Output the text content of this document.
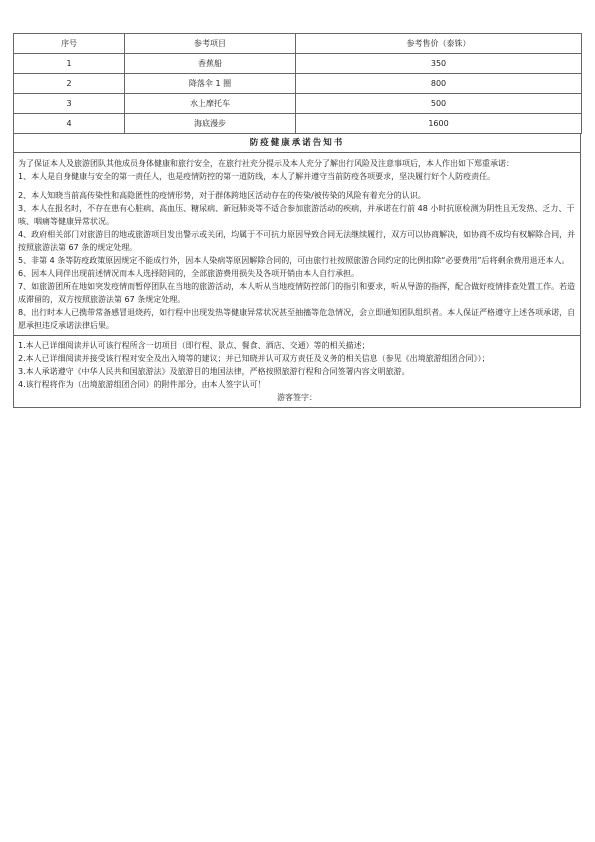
序号	参考项目	参考售价（泰铢）
1	香蕉船	350
2	降落伞 1 圈	800
3	水上摩托车	500
4	海底漫步	1600
防疫健康承诺告知书

为了保证本人及旅游团队其他成员身体健康和旅行安全，在旅行社充分提示及本人充分了解出行风险及注意事项后，本人作出如下郑重承诺：

1、本人是自身健康与安全的第一责任人，也是疫情防控的第一道防线，本人了解并遵守当前防疫各项要求，坚决履行好个人防疫责任。

2、本人知晓当前高传染性和高隐匿性的疫情形势，对于群体跨地区活动存在的传染/被传染的风险有着充分的认识。

3、本人在报名时，不存在患有心脏病、高血压、糖尿病、新冠肺炎等不适合参加旅游活动的疾病，并承诺在行前 48 小时抗原检测为阴性且无发热、乏力、干咳、咽痛等健康异常状况。

4、政府相关部门对旅游目的地或旅游项目发出警示或关闭，均属于不可抗力原因导致合同无法继续履行，双方可以协商解决，如协商不成均有权解除合同，并按照旅游法第 67 条的规定处理。

5、非第 4 条等防疫政策原因规定不能成行外，因本人染病等原因解除合同的，可由旅行社按照旅游合同约定的比例扣除“必要费用”后将剩余费用退还本人。

6、因本人同伴出现前述情况而本人选择陪同的，全部旅游费用损失及各项开销由本人自行承担。

7、如旅游团所在地如突发疫情而暂停团队在当地的旅游活动，本人听从当地疫情防控部门的指引和要求，听从导游的指挥，配合做好疫情排查处置工作。若造成滞留的，双方按照旅游法第 67 条规定处理。

8、出行时本人已携带常备感冒退烧药，如行程中出现发热等健康异常状况甚至抽搐等危急情况，会立即通知团队组织者。本人保证严格遵守上述各项承诺，自愿承担违反承诺法律后果。

1.本人已详细阅读并认可该行程所含一切项目（即行程、景点、餐食、酒店、交通）等的相关描述；

2.本人已详细阅读并接受该行程对安全及出入境等的建议；并已知晓并认可双方责任及义务的相关信息（参见《出境旅游组团合同》）；

3.本人承诺遵守《中华人民共和国旅游法》及旅游目的地国法律，严格按照旅游行程和合同签署内容文明旅游。

4.该行程将作为（出境旅游组团合同）的附件部分，由本人签字认可！

游客签字：
